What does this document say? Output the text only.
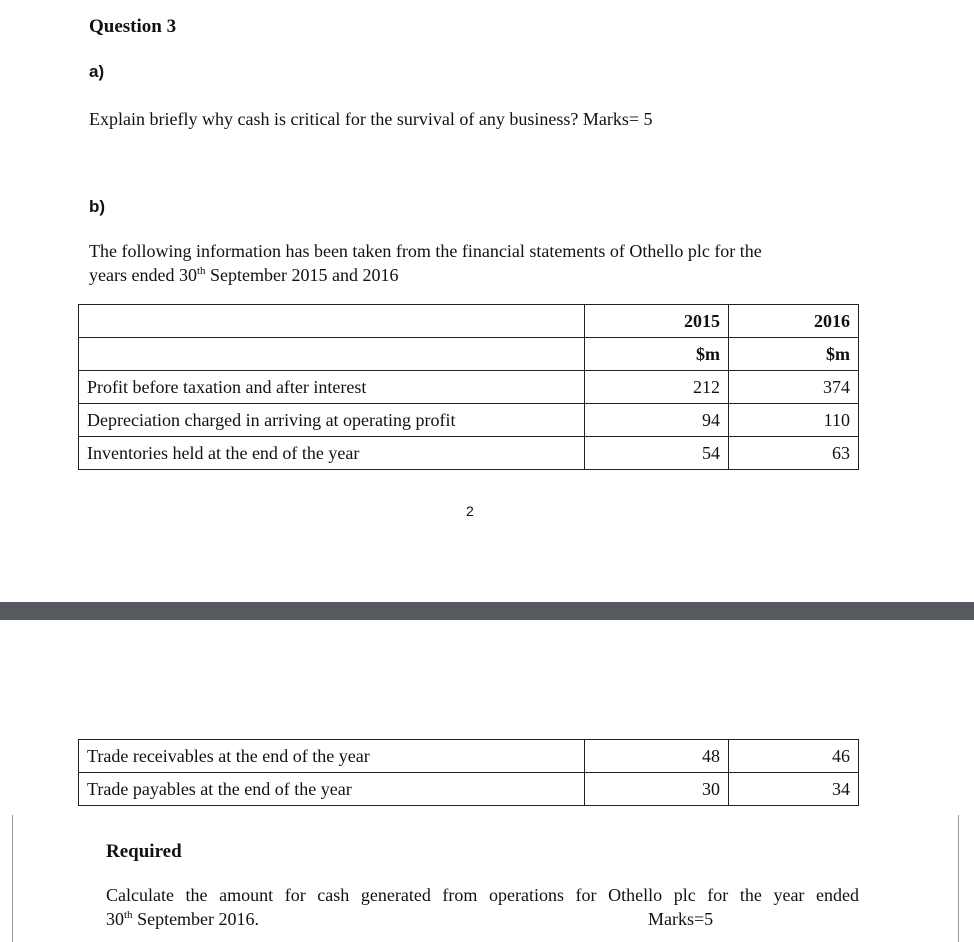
Question 3
a)
Explain briefly why cash is critical for the survival of any business? Marks= 5
b)
The following information has been taken from the financial statements of Othello plc for the
years ended 30th September 2015 and 2016
	2015	2016
	$m	$m
Profit before taxation and after interest	212	374
Depreciation charged in arriving at operating profit	94	110
Inventories held at the end of the year	54	63
2
Trade receivables at the end of the year	48	46
Trade payables at the end of the year	30	34
Required
Calculate the amount for cash generated from operations for Othello plc for the year ended
30th September 2016.	Marks=5
